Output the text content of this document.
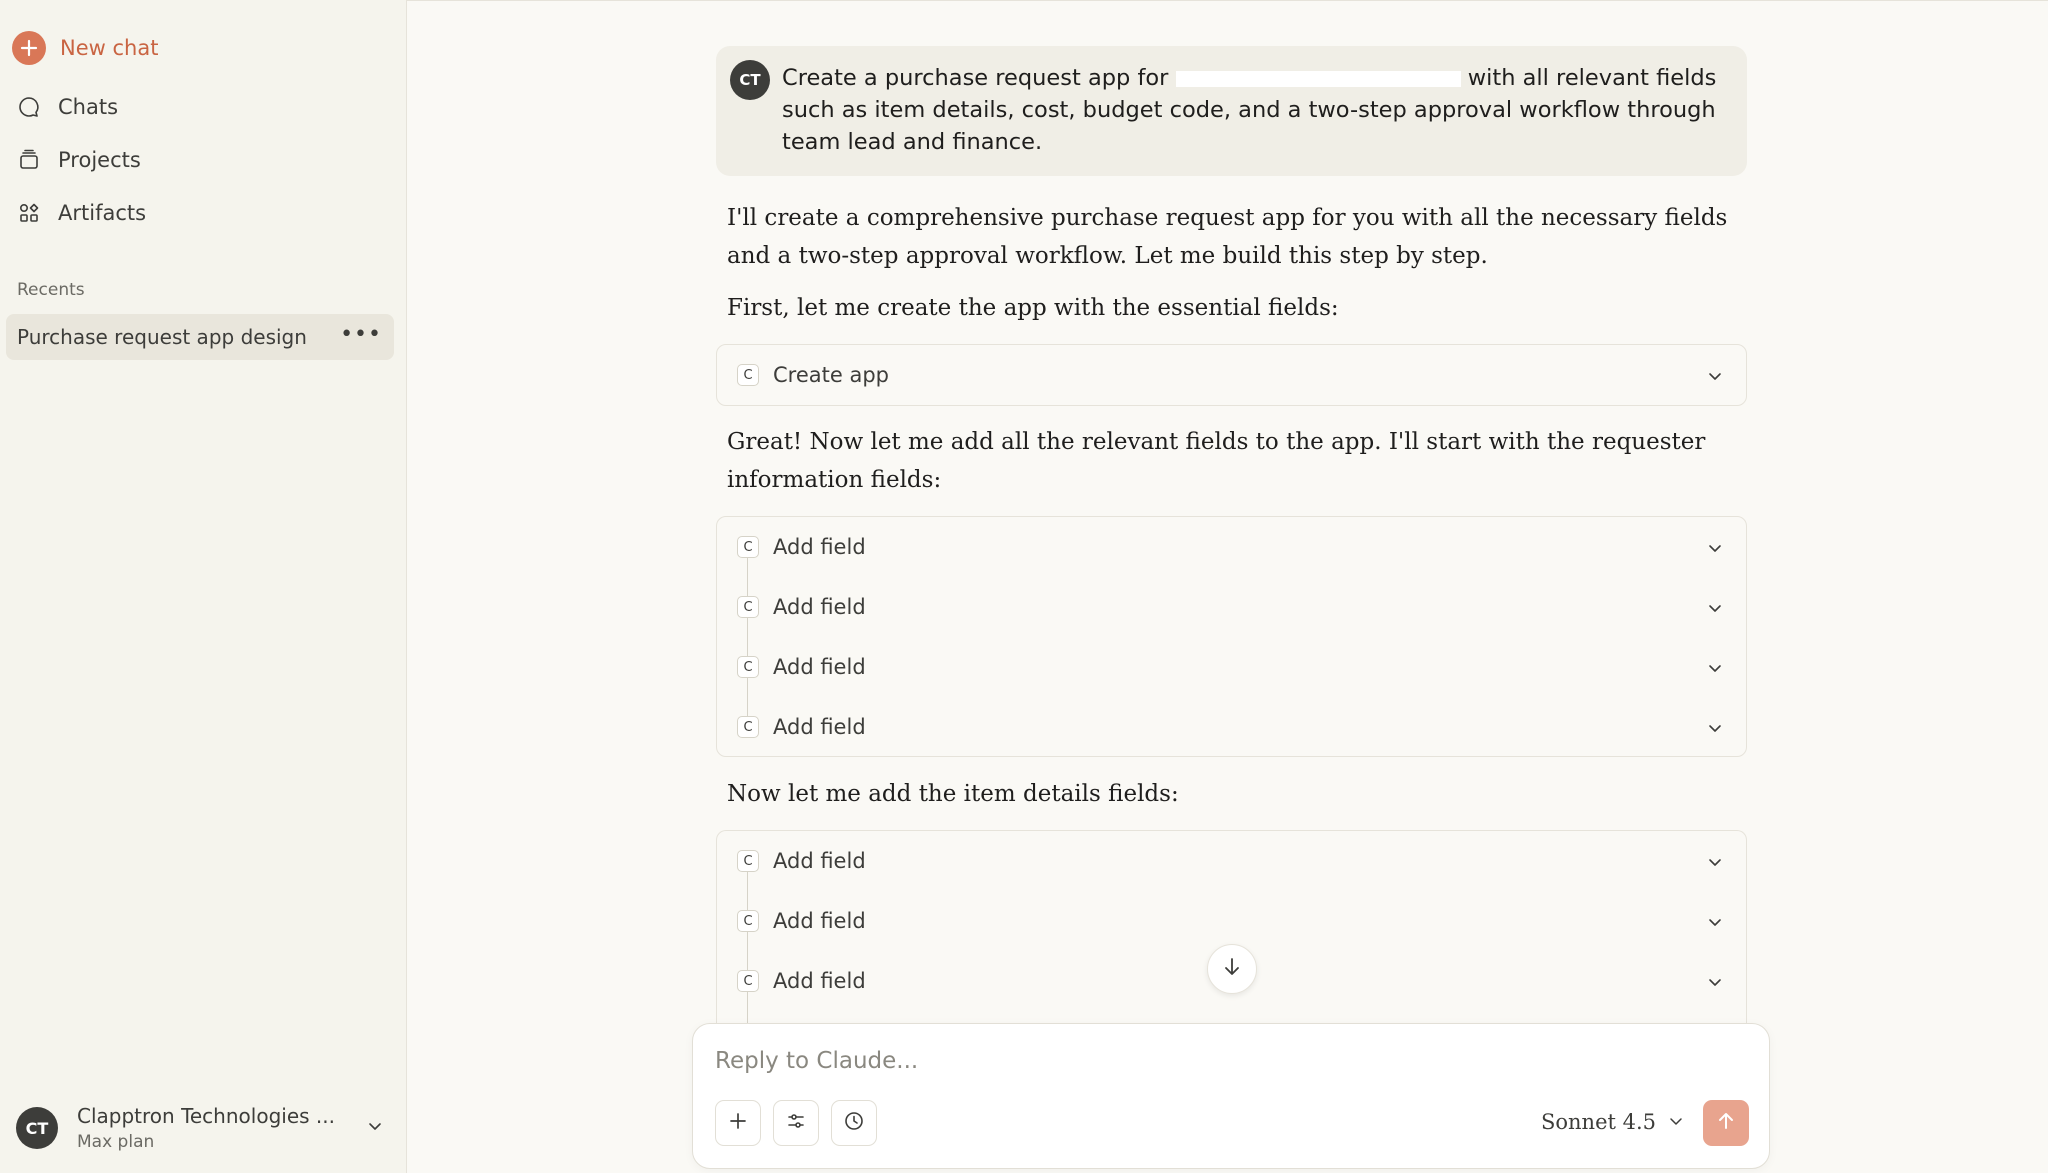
New chat
Chats
Projects
Artifacts
Recents
Purchase request app design •••
CT	Clapptron Technologies ...
Max plan
CT Create a purchase request app for	with all relevant fields such as item details, cost, budget code, and a two-step approval workflow through team lead and finance.
I'll create a comprehensive purchase request app for you with all the necessary fields and a two-step approval workflow. Let me build this step by step.
First, let me create the app with the essential fields:
C Create app
Great! Now let me add all the relevant fields to the app. I'll start with the requester information fields:
C Add field
C Add field
C Add field
C Add field
Now let me add the item details fields:
C Add field
C Add field
C Add field
Reply to Claude...
Sonnet 4.5
